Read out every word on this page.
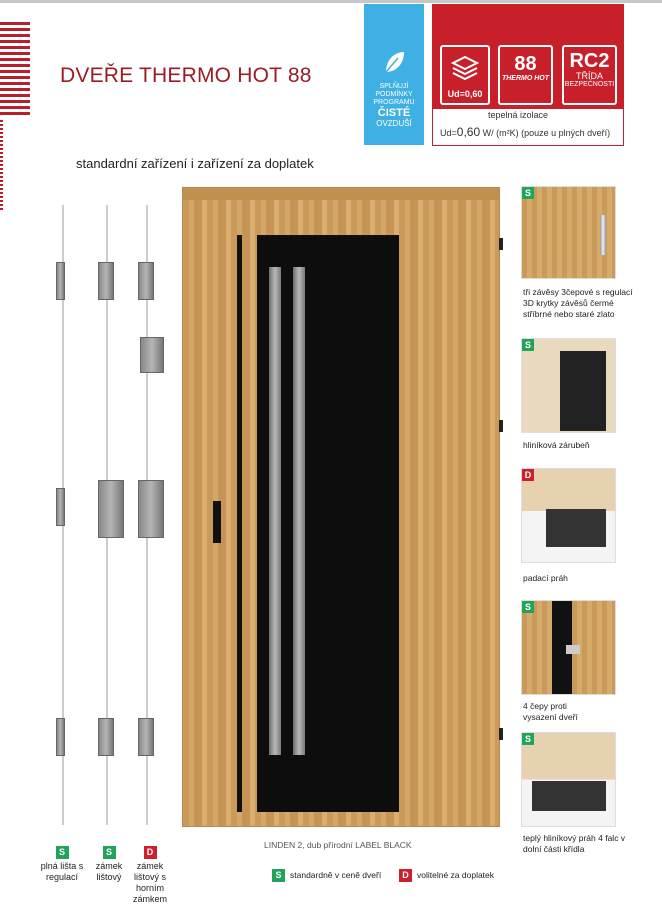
DVEŘE THERMO HOT 88
standardní zařízení i zařízení za doplatek
SPLŇUJÍ PODMÍNKY PROGRAMU
ČISTÉ
OVZDUŠÍ
Ud=0,60
88
THERMO HOT
RC2
TŘÍDA
BEZPEČNOSTI
tepelná izolace
Ud=0,60 W/ (m²K) (pouze u plných dveří)
S
plná lišta s regulací
S
zámek lištový
D
zámek lištový s horním zámkem
LINDEN 2, dub přírodní LABEL BLACK
S
tři závěsy 3čepové s regulací 3D krytky závěsů čermé stříbrné nebo staré zlato
S
hliníková zárubeň
D
padací práh
S
4 čepy proti vysazení dveří
S
teplý hliníkový práh 4 falc v dolní části křídla
S standardně v ceně dveří	D volitelné za doplatek
